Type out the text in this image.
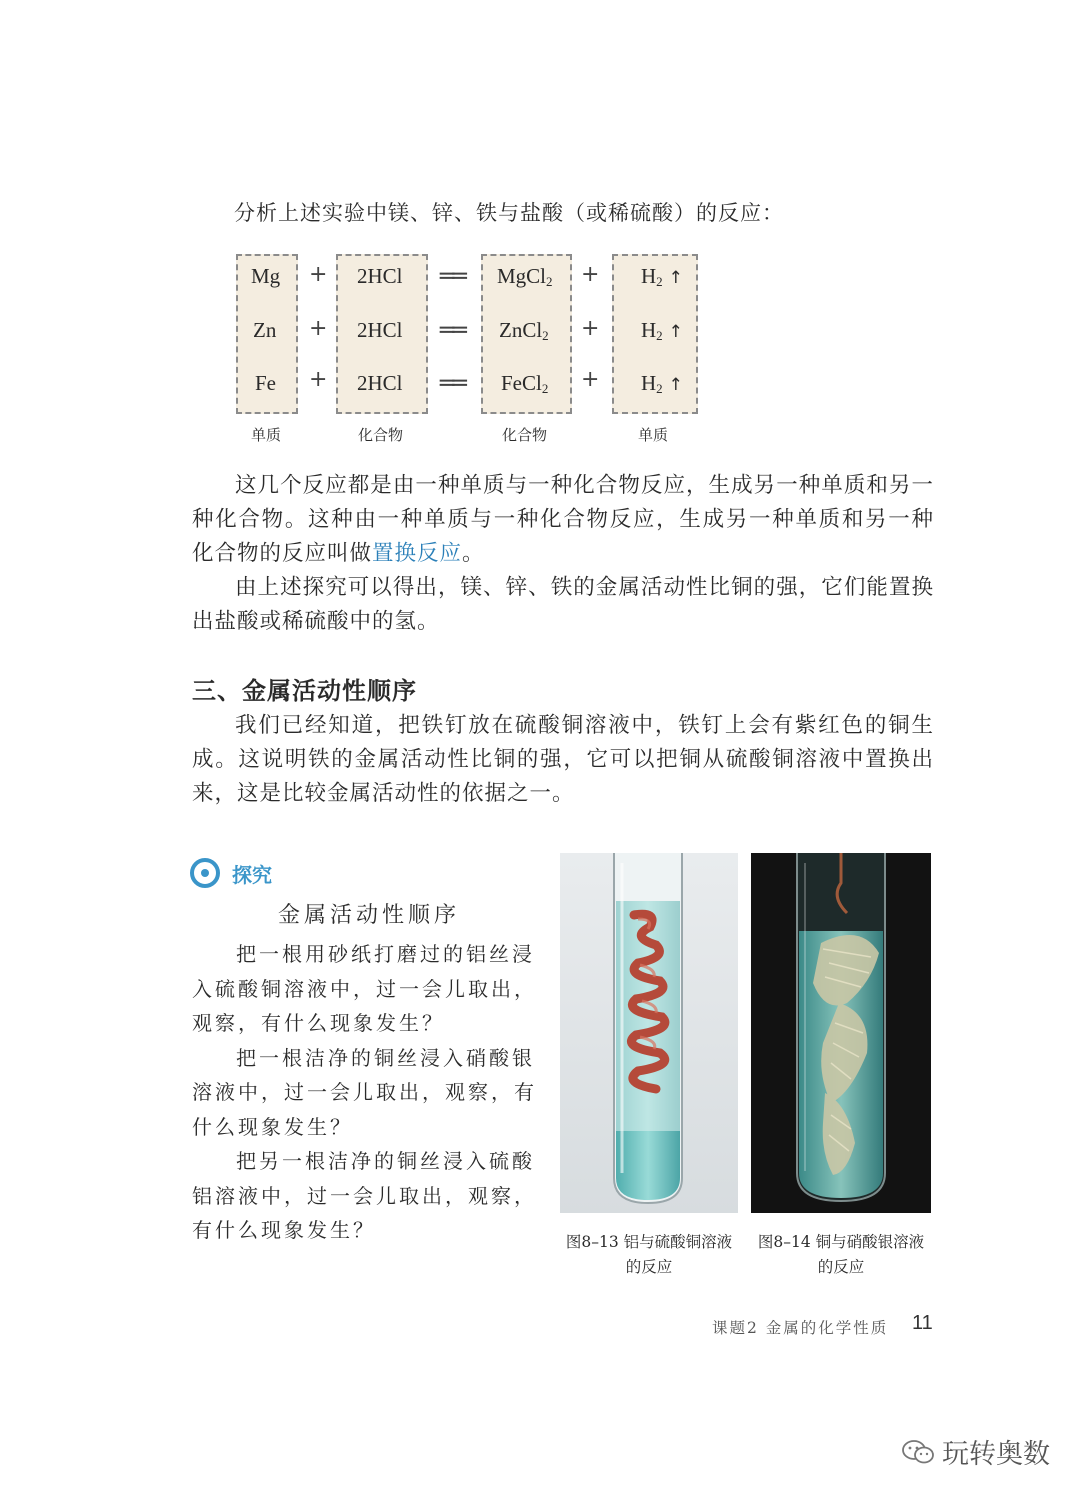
分析上述实验中镁、锌、铁与盐酸（或稀硫酸）的反应：
Mg + 2HCl ══ MgCl$_2$ + $H_2$ ↑
Zn + 2HCl ══ ZnCl$_2$ + $H_2$ ↑
Fe + 2HCl ══ FeCl$_2$ + $H_2$ ↑
单质	化合物	化合物	单质

这几个反应都是由一种单质与一种化合物反应，生成另一种单质和另一种化合物。这种由一种单质与一种化合物反应，生成另一种单质和另一种化合物的反应叫做置换反应。

由上述探究可以得出，镁、锌、铁的金属活动性比铜的强，它们能置换出盐酸或稀硫酸中的氢。

三、金属活动性顺序

我们已经知道，把铁钉放在硫酸铜溶液中，铁钉上会有紫红色的铜生成。这说明铁的金属活动性比铜的强，它可以把铜从硫酸铜溶液中置换出来，这是比较金属活动性的依据之一。

探究
金属活动性顺序

把一根用砂纸打磨过的铝丝浸入硫酸铜溶液中，过一会儿取出，观察，有什么现象发生？

把一根洁净的铜丝浸入硝酸银溶液中，过一会儿取出，观察，有什么现象发生？

把另一根洁净的铜丝浸入硫酸铝溶液中，过一会儿取出，观察，有什么现象发生？	图8–13 铝与硫酸铜溶液
的反应
图8–14 铜与硝酸银溶液
的反应
课题2 金属的化学性质 11
玩转奥数
